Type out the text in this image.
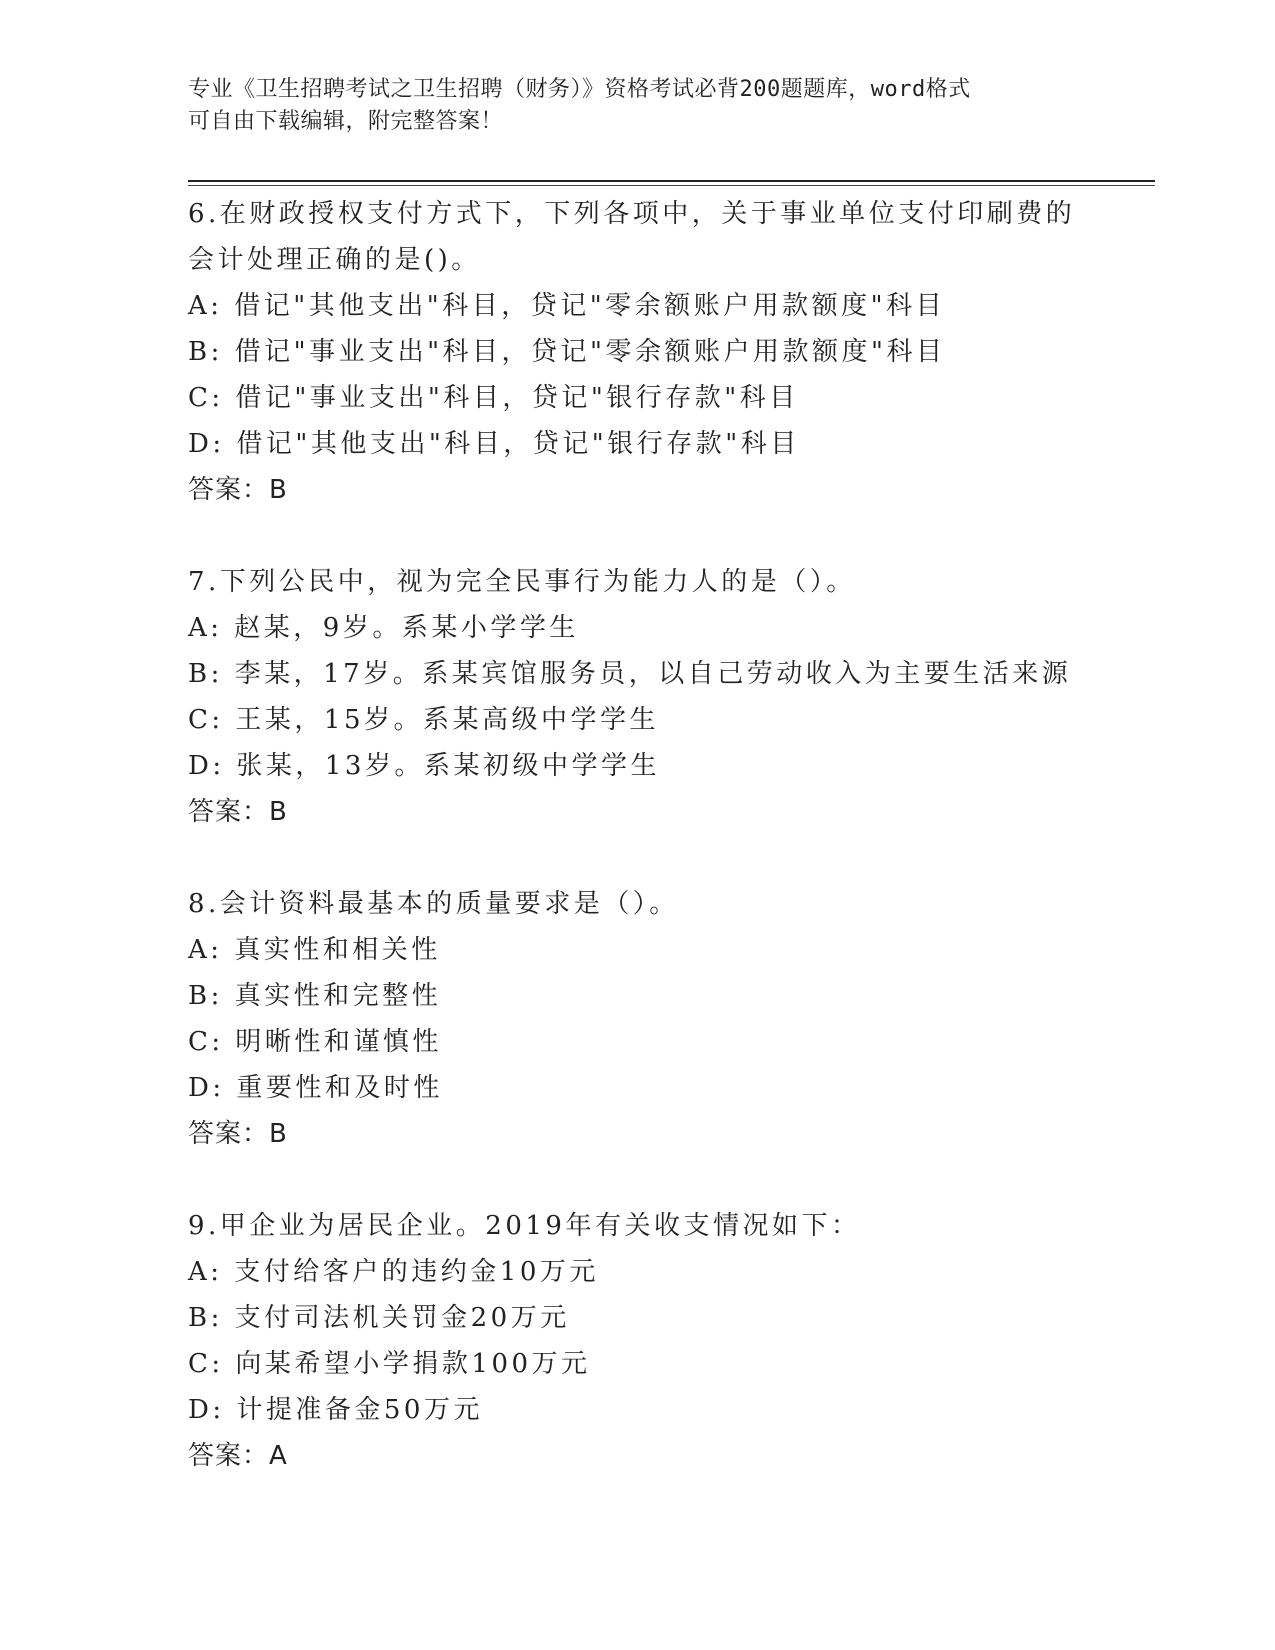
专业《卫生招聘考试之卫生招聘（财务）》资格考试必背200题题库，word格式
可自由下载编辑，附完整答案！
6.在财政授权支付方式下，下列各项中，关于事业单位支付印刷费的
会计处理正确的是()。
A: 借记"其他支出"科目，贷记"零余额账户用款额度"科目
B: 借记"事业支出"科目，贷记"零余额账户用款额度"科目
C: 借记"事业支出"科目，贷记"银行存款"科目
D: 借记"其他支出"科目，贷记"银行存款"科目
答案：B
7.下列公民中，视为完全民事行为能力人的是（）。
A: 赵某，9岁。系某小学学生
B: 李某，17岁。系某宾馆服务员，以自己劳动收入为主要生活来源
C: 王某，15岁。系某高级中学学生
D: 张某，13岁。系某初级中学学生
答案：B
8.会计资料最基本的质量要求是（）。
A: 真实性和相关性
B: 真实性和完整性
C: 明晰性和谨慎性
D: 重要性和及时性
答案：B
9.甲企业为居民企业。2019年有关收支情况如下：
A: 支付给客户的违约金10万元
B: 支付司法机关罚金20万元
C: 向某希望小学捐款100万元
D: 计提准备金50万元
答案：A
